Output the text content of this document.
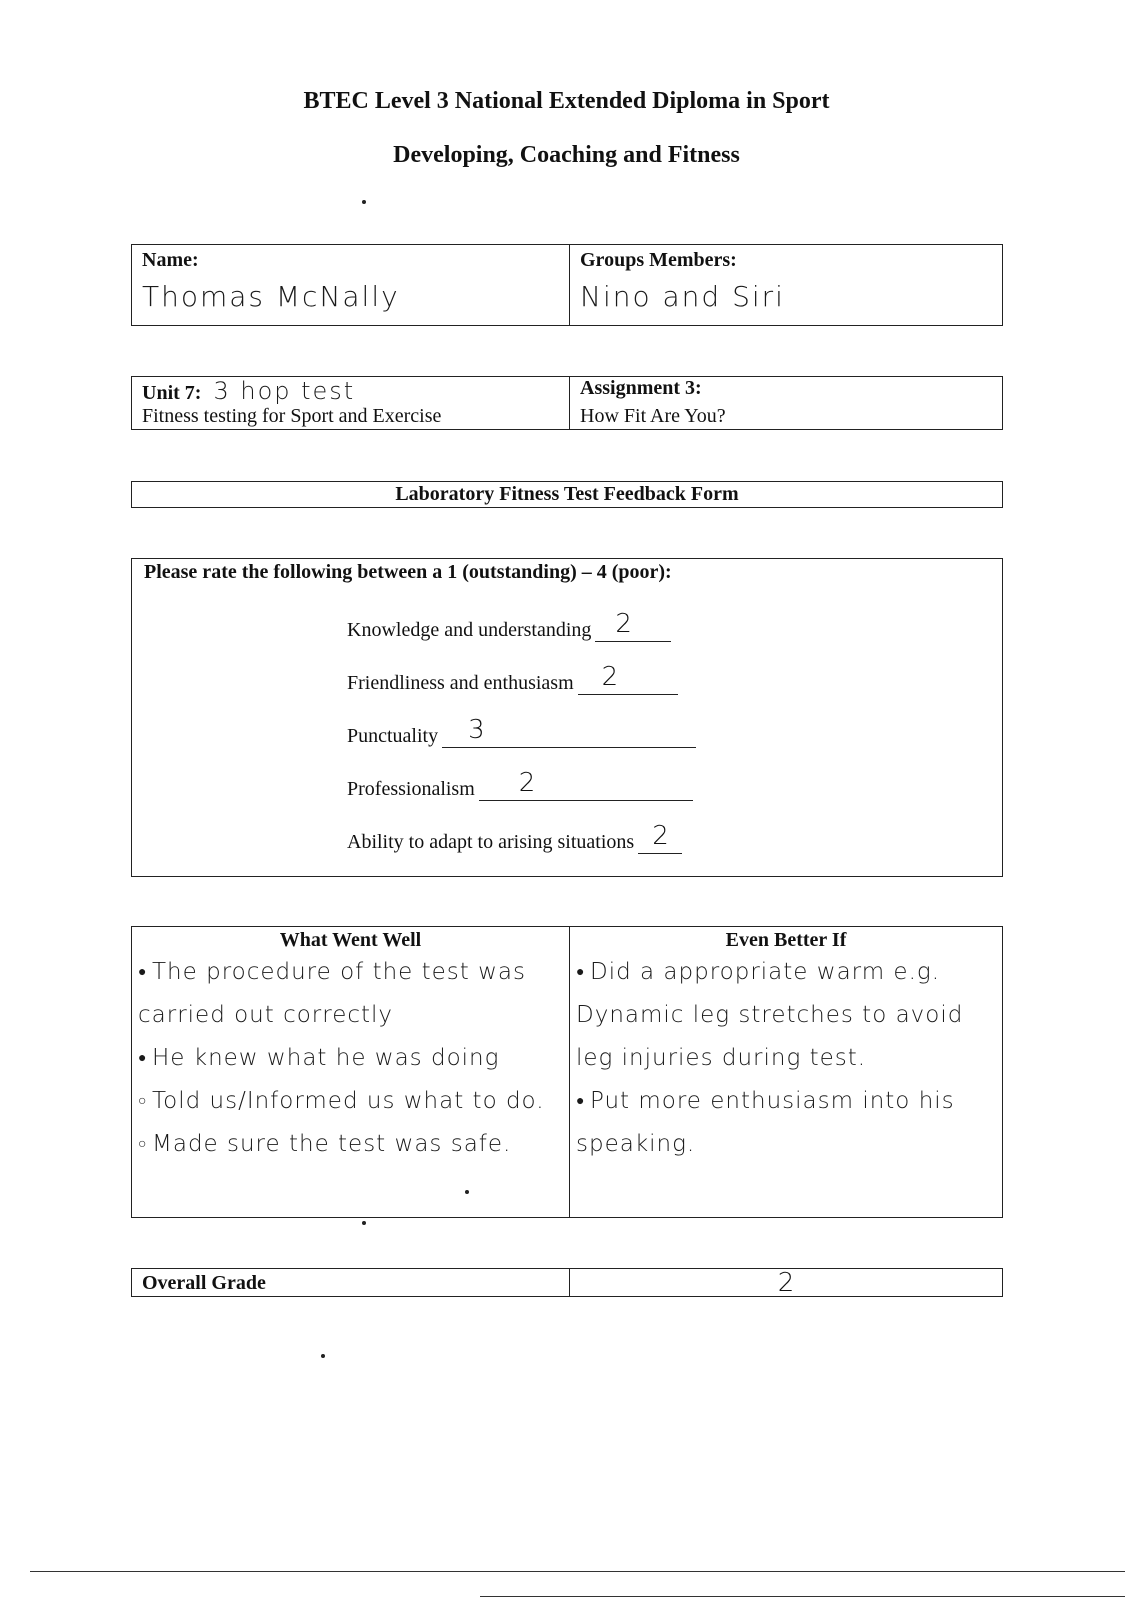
BTEC Level 3 National Extended Diploma in Sport
Developing, Coaching and Fitness
Name:
Thomas McNally
Groups Members:
Nino and Siri
Unit 7: 3 hop test
Fitness testing for Sport and Exercise
Assignment 3:
How Fit Are You?
Laboratory Fitness Test Feedback Form
Please rate the following between a 1 (outstanding) – 4 (poor):
Knowledge and understanding 2
Friendliness and enthusiasm 2
Punctuality 3
Professionalism 2
Ability to adapt to arising situations 2
What Went Well
● The procedure of the test was carried out correctly
● He knew what he was doing
○ Told us/Informed us what to do.
○ Made sure the test was safe.
Even Better If
● Did a appropriate warm e.g. Dynamic leg stretches to avoid leg injuries during test.
● Put more enthusiasm into his speaking.
Overall Grade	2
